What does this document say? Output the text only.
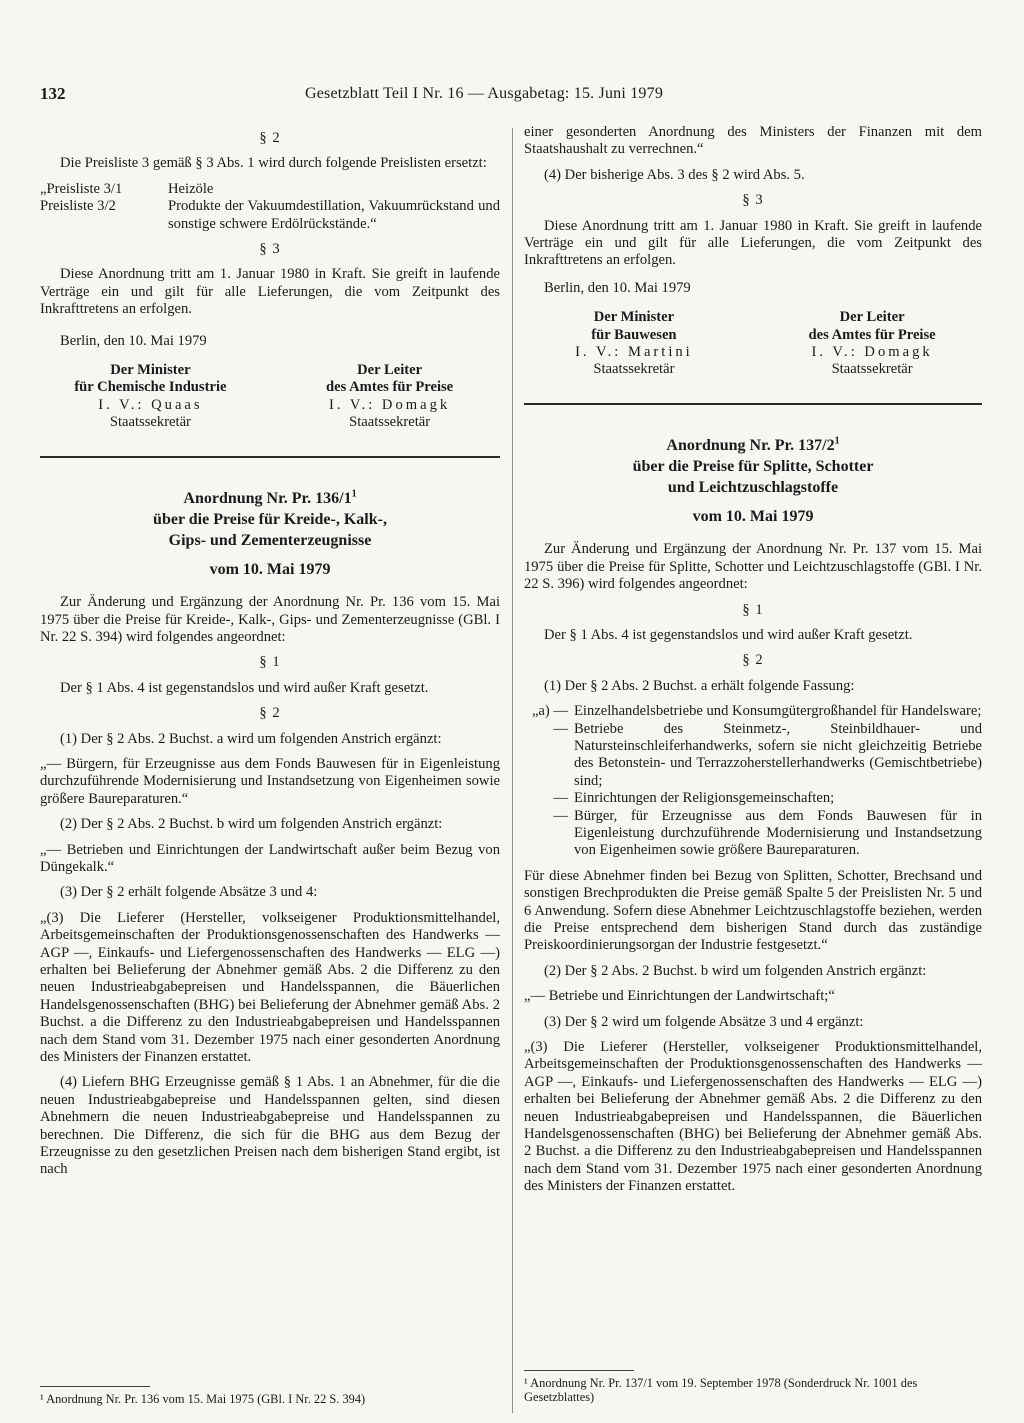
132	Gesetzblatt Teil I Nr. 16 — Ausgabetag: 15. Juni 1979
§ 2

Die Preisliste 3 gemäß § 3 Abs. 1 wird durch folgende Preislisten ersetzt:

„Preisliste 3/1	Heizöle
Preisliste 3/2	Produkte der Vakuumdestillation, Vakuumrückstand und sonstige schwere Erdölrückstände.“
§ 3

Diese Anordnung tritt am 1. Januar 1980 in Kraft. Sie greift in laufende Verträge ein und gilt für alle Lieferungen, die vom Zeitpunkt des Inkrafttretens an erfolgen.

Berlin, den 10. Mai 1979

Der Minister
für Chemische Industrie
I. V.: Quaas
Staatssekretär
Der Leiter
des Amtes für Preise
I. V.: Domagk
Staatssekretär
Anordnung Nr. Pr. $136/1^1$
über die Preise für Kreide-, Kalk-,
Gips- und Zementerzeugnisse
vom 10. Mai 1979

Zur Änderung und Ergänzung der Anordnung Nr. Pr. 136 vom 15. Mai 1975 über die Preise für Kreide-, Kalk-, Gips- und Zementerzeugnisse (GBl. I Nr. 22 S. 394) wird folgendes angeordnet:

§ 1

Der § 1 Abs. 4 ist gegenstandslos und wird außer Kraft gesetzt.

§ 2

(1) Der § 2 Abs. 2 Buchst. a wird um folgenden Anstrich ergänzt:

„— Bürgern, für Erzeugnisse aus dem Fonds Bauwesen für in Eigenleistung durchzuführende Modernisierung und Instandsetzung von Eigenheimen sowie größere Baureparaturen.“

(2) Der § 2 Abs. 2 Buchst. b wird um folgenden Anstrich ergänzt:

„— Betrieben und Einrichtungen der Landwirtschaft außer beim Bezug von Düngekalk.“

(3) Der § 2 erhält folgende Absätze 3 und 4:

„(3) Die Lieferer (Hersteller, volkseigener Produktionsmittelhandel, Arbeitsgemeinschaften der Produktionsgenossenschaften des Handwerks — AGP —, Einkaufs- und Liefergenossenschaften des Handwerks — ELG —) erhalten bei Belieferung der Abnehmer gemäß Abs. 2 die Differenz zu den neuen Industrieabgabepreisen und Handelsspannen, die Bäuerlichen Handelsgenossenschaften (BHG) bei Belieferung der Abnehmer gemäß Abs. 2 Buchst. a die Differenz zu den Industrieabgabepreisen und Handelsspannen nach dem Stand vom 31. Dezember 1975 nach einer gesonderten Anordnung des Ministers der Finanzen erstattet.

(4) Liefern BHG Erzeugnisse gemäß § 1 Abs. 1 an Abnehmer, für die die neuen Industrieabgabepreise und Handelsspannen gelten, sind diesen Abnehmern die neuen Industrieabgabepreise und Handelsspannen zu berechnen. Die Differenz, die sich für die BHG aus dem Bezug der Erzeugnisse zu den gesetzlichen Preisen nach dem bisherigen Stand ergibt, ist nach

einer gesonderten Anordnung des Ministers der Finanzen mit dem Staatshaushalt zu verrechnen.“

(4) Der bisherige Abs. 3 des § 2 wird Abs. 5.

§ 3

Diese Anordnung tritt am 1. Januar 1980 in Kraft. Sie greift in laufende Verträge ein und gilt für alle Lieferungen, die vom Zeitpunkt des Inkrafttretens an erfolgen.

Berlin, den 10. Mai 1979

Der Minister
für Bauwesen
I. V.: Martini
Staatssekretär
Der Leiter
des Amtes für Preise
I. V.: Domagk
Staatssekretär
Anordnung Nr. Pr. $137/2^1$
über die Preise für Splitte, Schotter
und Leichtzuschlagstoffe
vom 10. Mai 1979

Zur Änderung und Ergänzung der Anordnung Nr. Pr. 137 vom 15. Mai 1975 über die Preise für Splitte, Schotter und Leichtzuschlagstoffe (GBl. I Nr. 22 S. 396) wird folgendes angeordnet:

§ 1

Der § 1 Abs. 4 ist gegenstandslos und wird außer Kraft gesetzt.

§ 2

(1) Der § 2 Abs. 2 Buchst. a erhält folgende Fassung:

„a) — Einzelhandelsbetriebe und Konsumgütergroßhandel für Handelsware;
— Betriebe des Steinmetz-, Steinbildhauer- und Natursteinschleiferhandwerks, sofern sie nicht gleichzeitig Betriebe des Betonstein- und Terrazzoherstellerhandwerks (Gemischtbetriebe) sind;
— Einrichtungen der Religionsgemeinschaften;
— Bürger, für Erzeugnisse aus dem Fonds Bauwesen für in Eigenleistung durchzuführende Modernisierung und Instandsetzung von Eigenheimen sowie größere Baureparaturen.

Für diese Abnehmer finden bei Bezug von Splitten, Schotter, Brechsand und sonstigen Brechprodukten die Preise gemäß Spalte 5 der Preislisten Nr. 5 und 6 Anwendung. Sofern diese Abnehmer Leichtzuschlagstoffe beziehen, werden die Preise entsprechend dem bisherigen Stand durch das zuständige Preiskoordinierungsorgan der Industrie festgesetzt.“

(2) Der § 2 Abs. 2 Buchst. b wird um folgenden Anstrich ergänzt:

„— Betriebe und Einrichtungen der Landwirtschaft;“

(3) Der § 2 wird um folgende Absätze 3 und 4 ergänzt:

„(3) Die Lieferer (Hersteller, volkseigener Produktionsmittelhandel, Arbeitsgemeinschaften der Produktionsgenossenschaften des Handwerks — AGP —, Einkaufs- und Liefergenossenschaften des Handwerks — ELG —) erhalten bei Belieferung der Abnehmer gemäß Abs. 2 die Differenz zu den neuen Industrieabgabepreisen und Handelsspannen, die Bäuerlichen Handelsgenossenschaften (BHG) bei Belieferung der Abnehmer gemäß Abs. 2 Buchst. a die Differenz zu den Industrieabgabepreisen und Handelsspannen nach dem Stand vom 31. Dezember 1975 nach einer gesonderten Anordnung des Ministers der Finanzen erstattet.

¹ Anordnung Nr. Pr. 136 vom 15. Mai 1975 (GBl. I Nr. 22 S. 394)
¹ Anordnung Nr. Pr. 137/1 vom 19. September 1978 (Sonderdruck Nr. 1001 des Gesetzblattes)
